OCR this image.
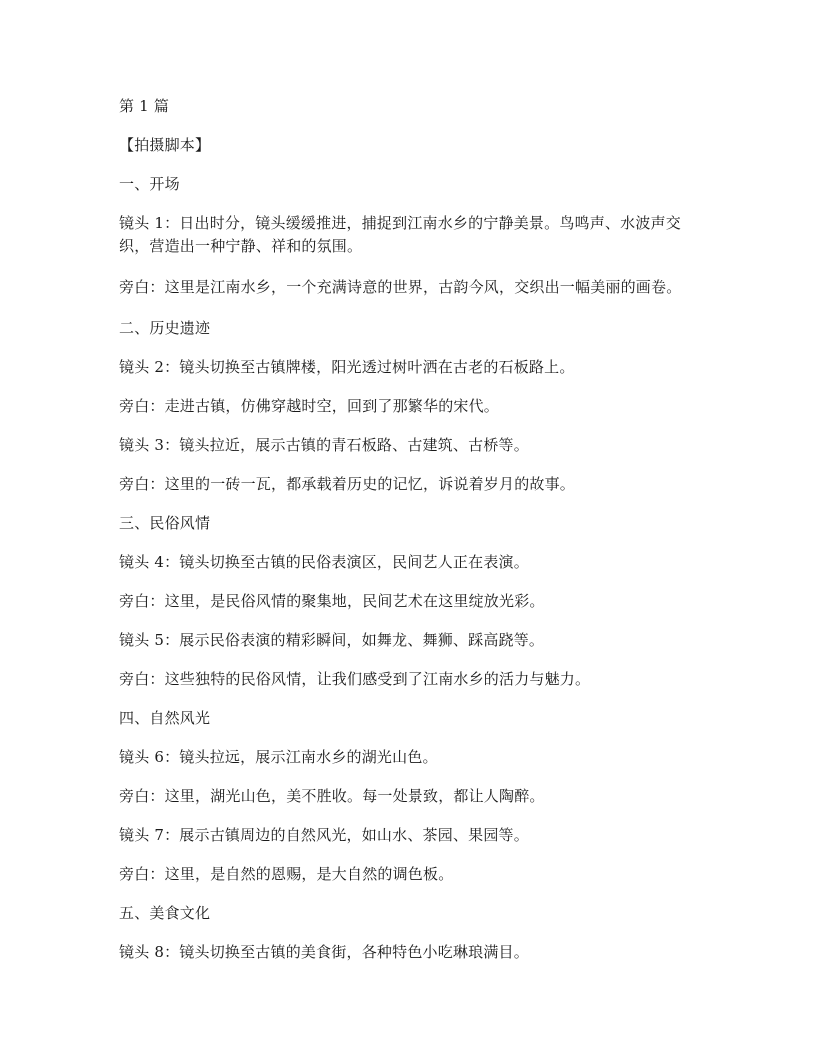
第 1 篇

【拍摄脚本】

一、开场

镜头 1：日出时分，镜头缓缓推进，捕捉到江南水乡的宁静美景。鸟鸣声、水波声交织，营造出一种宁静、祥和的氛围。

旁白：这里是江南水乡，一个充满诗意的世界，古韵今风，交织出一幅美丽的画卷。

二、历史遗迹

镜头 2：镜头切换至古镇牌楼，阳光透过树叶洒在古老的石板路上。

旁白：走进古镇，仿佛穿越时空，回到了那繁华的宋代。

镜头 3：镜头拉近，展示古镇的青石板路、古建筑、古桥等。

旁白：这里的一砖一瓦，都承载着历史的记忆，诉说着岁月的故事。

三、民俗风情

镜头 4：镜头切换至古镇的民俗表演区，民间艺人正在表演。

旁白：这里，是民俗风情的聚集地，民间艺术在这里绽放光彩。

镜头 5：展示民俗表演的精彩瞬间，如舞龙、舞狮、踩高跷等。

旁白：这些独特的民俗风情，让我们感受到了江南水乡的活力与魅力。

四、自然风光

镜头 6：镜头拉远，展示江南水乡的湖光山色。

旁白：这里，湖光山色，美不胜收。每一处景致，都让人陶醉。

镜头 7：展示古镇周边的自然风光，如山水、茶园、果园等。

旁白：这里，是自然的恩赐，是大自然的调色板。

五、美食文化

镜头 8：镜头切换至古镇的美食街，各种特色小吃琳琅满目。
